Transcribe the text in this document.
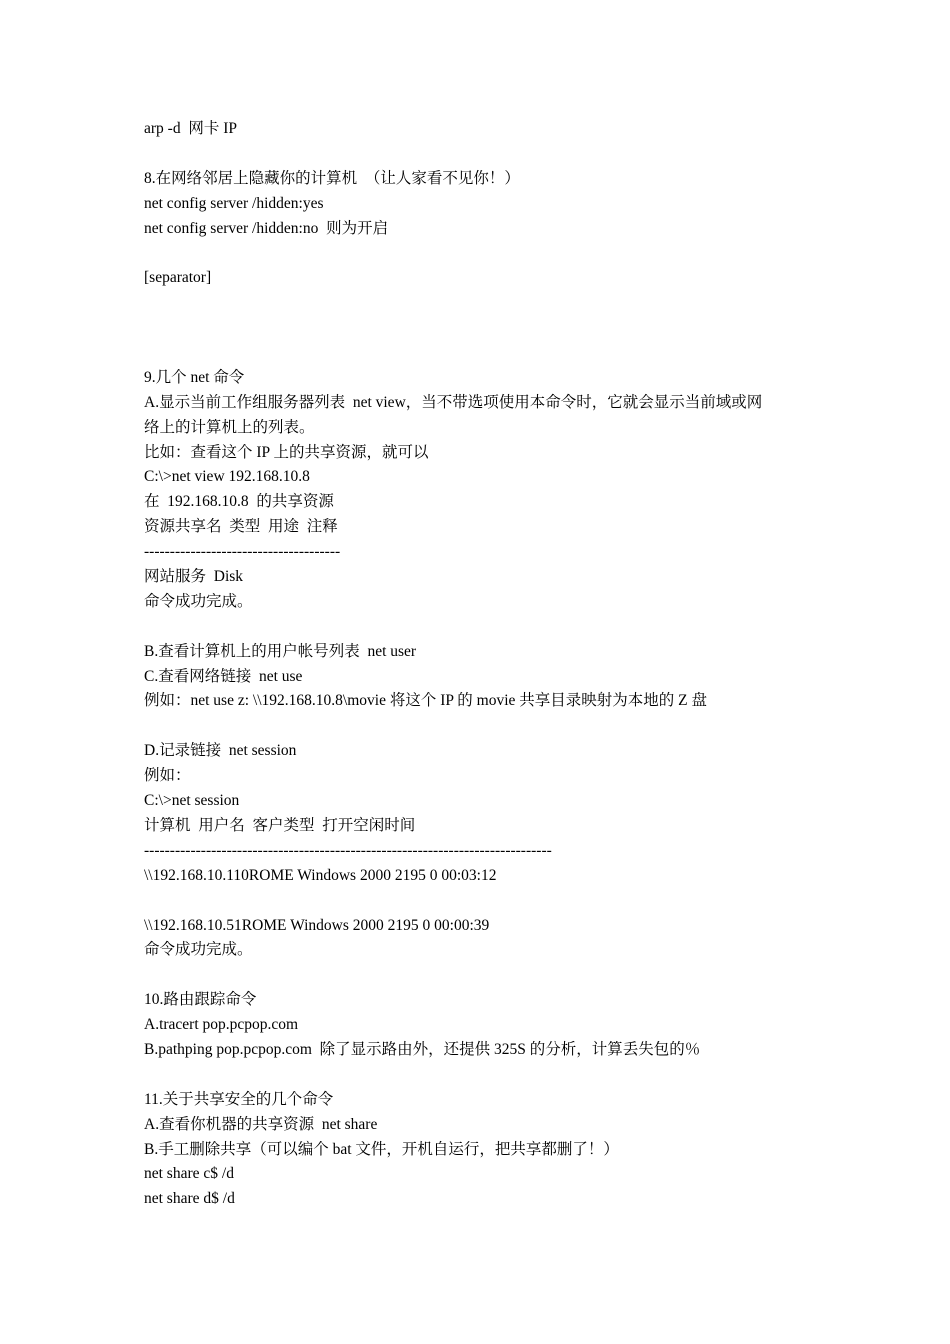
arp -d  网卡 IP

8.在网络邻居上隐藏你的计算机  （让人家看不见你！）

net config server /hidden:yes

net config server /hidden:no  则为开启

[separator]

9.几个 net 命令

A.显示当前工作组服务器列表  net view，当不带选项使用本命令时，它就会显示当前域或网

络上的计算机上的列表。

比如：查看这个 IP 上的共享资源，就可以

C:\>net view 192.168.10.8

在  192.168.10.8  的共享资源

资源共享名  类型  用途  注释

--------------------------------------

网站服务  Disk

命令成功完成。

B.查看计算机上的用户帐号列表  net user

C.查看网络链接  net use

例如：net use z: \\192.168.10.8\movie 将这个 IP 的 movie 共享目录映射为本地的 Z 盘

D.记录链接  net session

例如：

C:\>net session

计算机  用户名  客户类型  打开空闲时间

-------------------------------------------------------------------------------

\\192.168.10.110ROME Windows 2000 2195 0 00:03:12

\\192.168.10.51ROME Windows 2000 2195 0 00:00:39

命令成功完成。

10.路由跟踪命令

A.tracert pop.pcpop.com

B.pathping pop.pcpop.com  除了显示路由外，还提供 325S 的分析，计算丢失包的％

11.关于共享安全的几个命令

A.查看你机器的共享资源  net share

B.手工删除共享（可以编个 bat 文件，开机自运行，把共享都删了！）

net share c$ /d

net share d$ /d
